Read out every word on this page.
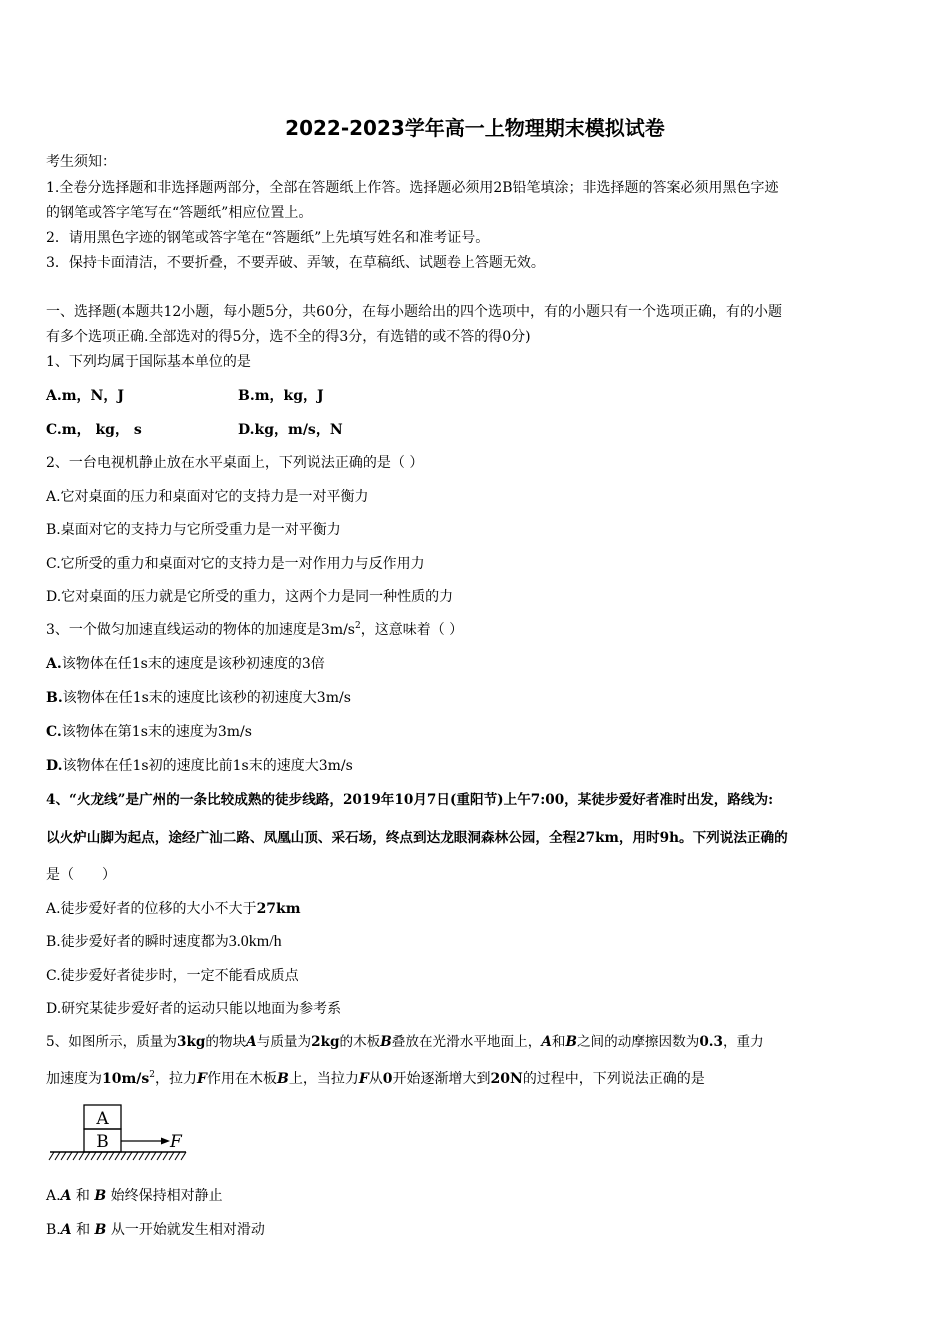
2022-2023学年高一上物理期末模拟试卷
考生须知：
1.全卷分选择题和非选择题两部分，全部在答题纸上作答。选择题必须用2B铅笔填涂；非选择题的答案必须用黑色字迹
的钢笔或答字笔写在“答题纸”相应位置上。
2．请用黑色字迹的钢笔或答字笔在“答题纸”上先填写姓名和准考证号。
3．保持卡面清洁，不要折叠，不要弄破、弄皱，在草稿纸、试题卷上答题无效。
一、选择题(本题共12小题，每小题5分，共60分，在每小题给出的四个选项中，有的小题只有一个选项正确，有的小题
有多个选项正确.全部选对的得5分，选不全的得3分，有选错的或不答的得0分)
1、下列均属于国际基本单位的是
A.m，N，J	B.m，kg，J
C.m， kg， s	D.kg，m/s，N
2、一台电视机静止放在水平桌面上，下列说法正确的是（ ）
A.它对桌面的压力和桌面对它的支持力是一对平衡力
B.桌面对它的支持力与它所受重力是一对平衡力
C.它所受的重力和桌面对它的支持力是一对作用力与反作用力
D.它对桌面的压力就是它所受的重力，这两个力是同一种性质的力
3、一个做匀加速直线运动的物体的加速度是$3m/s^2$，这意味着（ ）
A.该物体在任1s末的速度是该秒初速度的3倍
B.该物体在任1s末的速度比该秒的初速度大3m/s
C.该物体在第1s末的速度为3m/s
D.该物体在任1s初的速度比前1s末的速度大3m/s
4、“火龙线”是广州的一条比较成熟的徒步线路，2019年10月7日(重阳节)上午7:00，某徒步爱好者准时出发，路线为:
以火炉山脚为起点，途经广汕二路、凤凰山顶、采石场，终点到达龙眼洞森林公园，全程27km，用时9h。下列说法正确的
是（　　）
A.徒步爱好者的位移的大小不大于27km
B.徒步爱好者的瞬时速度都为3.0km/h
C.徒步爱好者徒步时，一定不能看成质点
D.研究某徒步爱好者的运动只能以地面为参考系
5、如图所示，质量为3kg的物块A与质量为2kg的木板B叠放在光滑水平地面上，A和B之间的动摩擦因数为0.3，重力
加速度为$10m/s^2$，拉力F作用在木板B上，当拉力F从0开始逐渐增大到20N的过程中，下列说法正确的是
A
B	F
A.A 和 B 始终保持相对静止
B.A 和 B 从一开始就发生相对滑动
